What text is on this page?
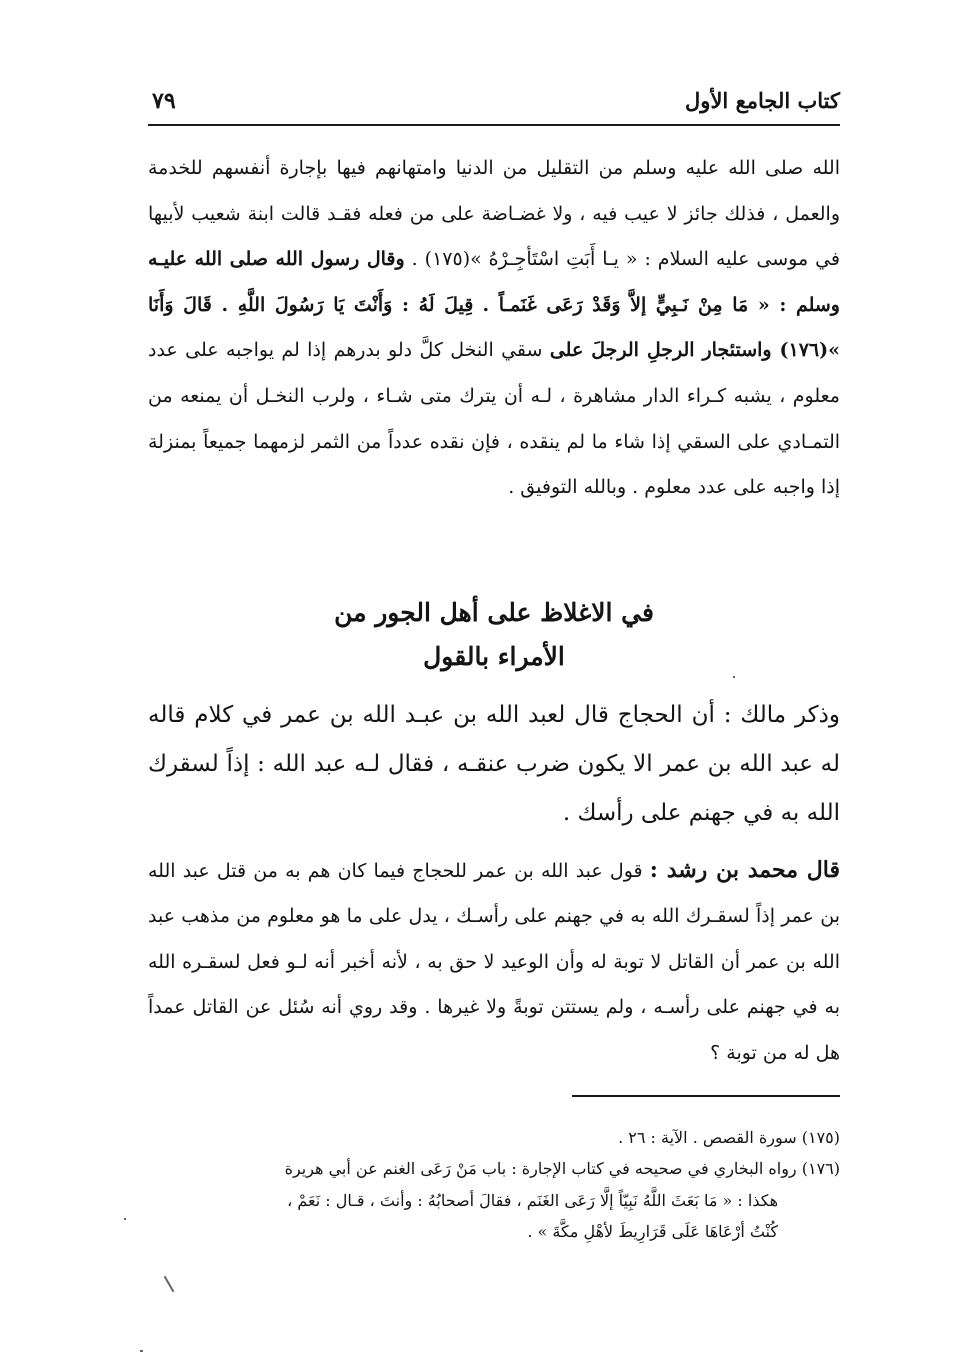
كتاب الجامع الأول
٧٩
الله صلى الله عليه وسلم من التقليل من الدنيا وامتهانهم فيها بإجارة أنفسهم للخدمة والعمل ، فذلك جائز لا عيب فيه ، ولا غضـاضة على من فعله فقـد قالت ابنة شعيب لأبيها في موسى عليه السلام : « يـا أَبَتِ اسْتَأجِـرْهُ »(١٧٥) . وقال رسول الله صلى الله عليـه وسلم : « مَا مِنْ نَـبِيٍّ إلاَّ وَقَدْ رَعَى غَنَمـاً . قِيلَ لَهُ : وَأَنْتَ يَا رَسُولَ اللَّهِ . قَالَ وَأَنَا »(١٧٦) واستئجار الرجلِ الرجلَ على سقي النخل كلَّ دلو بدرهم إذا لم يواجبه على عدد معلوم ، يشبه كـراء الدار مشاهرة ، لـه أن يترك متى شـاء ، ولرب النخـل أن يمنعه من التمـادي على السقي إذا شاء ما لم ينقده ، فإن نقده عدداً من الثمر لزمهما جميعاً بمنزلة إذا واجبه على عدد معلوم . وبالله التوفيق .
في الاغلاظ على أهل الجور من
الأمراء بالقول
وذكر مالك : أن الحجاج قال لعبد الله بن عبـد الله بن عمر في كلام قاله له عبد الله بن عمر الا يكون ضرب عنقـه ، فقال لـه عبد الله : إذاً لسقرك الله به في جهنم على رأسك .
قال محمد بن رشد : قول عبد الله بن عمر للحجاج فيما كان هم به من قتل عبد الله بن عمر إذاً لسقـرك الله به في جهنم على رأسـك ، يدل على ما هو معلوم من مذهب عبد الله بن عمر أن القاتل لا توبة له وأن الوعيد لا حق به ، لأنه أخبر أنه لـو فعل لسقـره الله به في جهنم على رأسـه ، ولم يستتن توبةً ولا غيرها . وقد روي أنه سُئل عن القاتل عمداً هل له من توبة ؟
(١٧٥) سورة القصص . الآية : ٢٦ .
(١٧٦) رواه البخاري في صحيحه في كتاب الإجارة : باب مَنْ رَعَى الغنم عن أبي هريرة
هكذا : « مَا بَعَثَ اللَّهُ نَبِيّاً إلَّا رَعَى الغَنَم ، فقالَ أصحابُهُ : وأنتَ ، قـال : نَعَمْ ،
كُنْتُ أرْعَاهَا عَلَى قَرَارِيطَ لأهْلِ مكَّةَ » .
